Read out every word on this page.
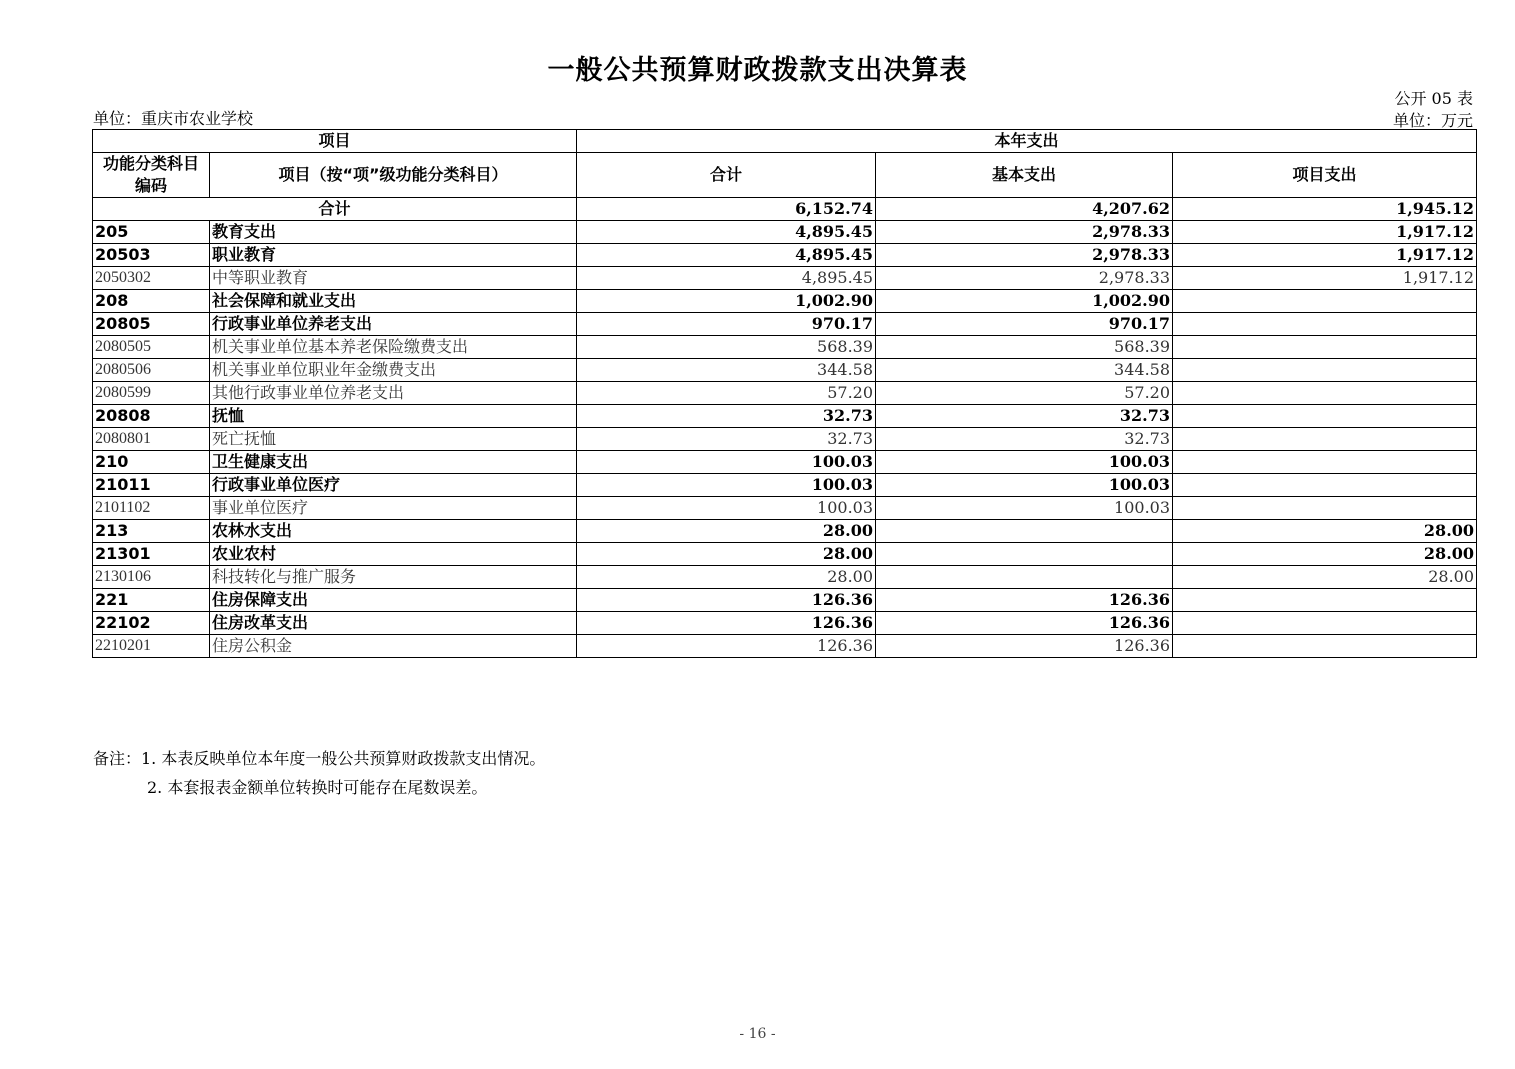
一般公共预算财政拨款支出决算表
公开 05 表
单位：重庆市农业学校	单位：万元
项目		本年支出		
功能分类科目编码	项目（按“项”级功能分类科目）	合计	基本支出	项目支出
合计		6,152.74	4,207.62	1,945.12
205	教育支出	4,895.45	2,978.33	1,917.12
20503	职业教育	4,895.45	2,978.33	1,917.12
2050302	中等职业教育	4,895.45	2,978.33	1,917.12
208	社会保障和就业支出	1,002.90	1,002.90	
20805	行政事业单位养老支出	970.17	970.17	
2080505	机关事业单位基本养老保险缴费支出	568.39	568.39	
2080506	机关事业单位职业年金缴费支出	344.58	344.58	
2080599	其他行政事业单位养老支出	57.20	57.20	
20808	抚恤	32.73	32.73	
2080801	死亡抚恤	32.73	32.73	
210	卫生健康支出	100.03	100.03	
21011	行政事业单位医疗	100.03	100.03	
2101102	事业单位医疗	100.03	100.03	
213	农林水支出	28.00		28.00
21301	农业农村	28.00		28.00
2130106	科技转化与推广服务	28.00		28.00
221	住房保障支出	126.36	126.36	
22102	住房改革支出	126.36	126.36	
2210201	住房公积金	126.36	126.36	
备注：1. 本表反映单位本年度一般公共预算财政拨款支出情况。
2. 本套报表金额单位转换时可能存在尾数误差。
- 16 -
